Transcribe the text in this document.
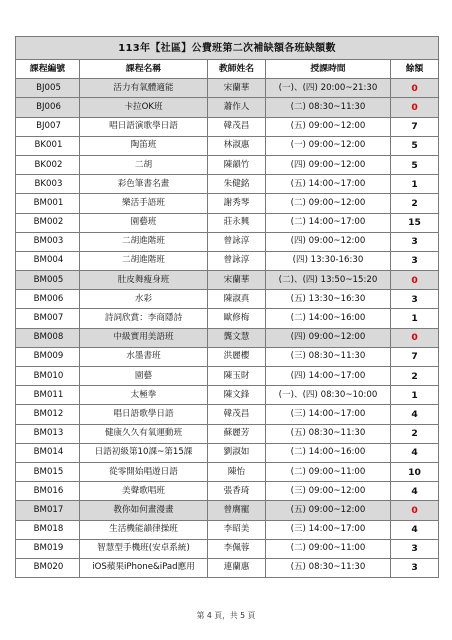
113年【社區】公費班第二次補缺額各班缺額數				
課程編號	課程名稱	教師姓名	授課時間	餘額
BJ005	活力有氧體適能	宋蘭華	(一)、(四) 20:00~21:30	0
BJ006	卡拉OK班	蕭作人	(二) 08:30~11:30	0
BJ007	唱日語演歌學日語	韓茂昌	(五) 09:00~12:00	7
BK001	陶笛班	林淑惠	(一) 09:00~12:00	5
BK002	二胡	陳韻竹	(四) 09:00~12:00	5
BK003	彩色筆書名畫	朱健銘	(五) 14:00~17:00	1
BM001	樂活手語班	謝秀琴	(二) 09:00~12:00	2
BM002	園藝班	莊永興	(二) 14:00~17:00	15
BM003	二胡進階班	曾詠淳	(四) 09:00~12:00	3
BM004	二胡進階班	曾詠淳	(四) 13:30-16:30	3
BM005	肚皮舞瘦身班	宋蘭華	(二)、(四) 13:50~15:20	0
BM006	水彩	陳淑真	(五) 13:30~16:30	3
BM007	詩詞欣賞：李商隱詩	歐修梅	(二) 14:00~16:00	1
BM008	中級實用美語班	龔文慧	(四) 09:00~12:00	0
BM009	水墨書班	洪麗櫻	(三) 08:30~11:30	7
BM010	園藝	陳玉財	(四) 14:00~17:00	2
BM011	太極拳	陳文鋒	(一)、(四) 08:30~10:00	1
BM012	唱日語歌學日語	韓茂昌	(三) 14:00~17:00	4
BM013	健康久久有氧運動班	蘇麗芳	(五) 08:30~11:30	2
BM014	日語初級第10課~第15課	劉淑如	(二) 14:00~16:00	4
BM015	從零開始唱遊日語	陳怡	(二) 09:00~11:00	10
BM016	美聲歌唱班	張香琦	(三) 09:00~12:00	4
BM017	教你如何畫漫畫	曾膺寵	(五) 09:00~12:00	0
BM018	生活機能韻律操班	李昭美	(三) 14:00~17:00	4
BM019	智慧型手機班(安卓系統)	李佩蓉	(二) 09:00~11:00	3
BM020	iOS蘋果iPhone&iPad應用	連蘭惠	(五) 08:30~11:30	3
第 4 頁，共 5 頁
